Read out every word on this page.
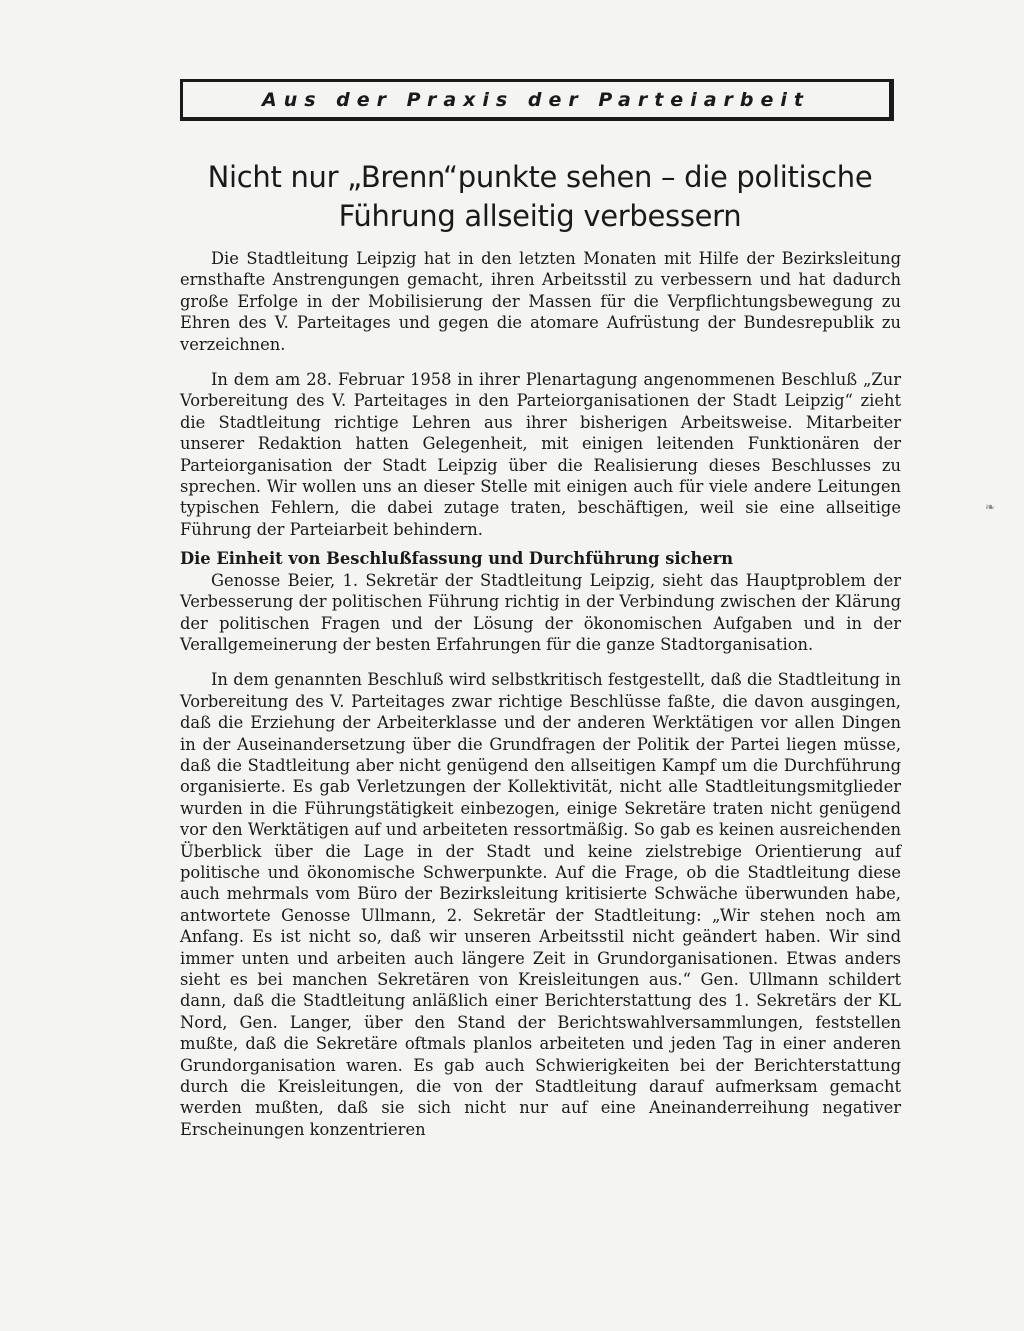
Aus der Praxis der Parteiarbeit
Nicht nur „Brenn“punkte sehen – die politische Führung allseitig verbessern

Die Stadtleitung Leipzig hat in den letzten Monaten mit Hilfe der Bezirksleitung ernsthafte Anstrengungen gemacht, ihren Arbeitsstil zu verbessern und hat dadurch große Erfolge in der Mobilisierung der Massen für die Verpflichtungsbewegung zu Ehren des V. Parteitages und gegen die atomare Aufrüstung der Bundesrepublik zu verzeichnen.

In dem am 28. Februar 1958 in ihrer Plenartagung angenommenen Beschluß „Zur Vorbereitung des V. Parteitages in den Parteiorganisationen der Stadt Leipzig“ zieht die Stadtleitung richtige Lehren aus ihrer bisherigen Arbeitsweise. Mitarbeiter unserer Redaktion hatten Gelegenheit, mit einigen leitenden Funktionären der Parteiorganisation der Stadt Leipzig über die Realisierung dieses Beschlusses zu sprechen. Wir wollen uns an dieser Stelle mit einigen auch für viele andere Leitungen typischen Fehlern, die dabei zutage traten, beschäftigen, weil sie eine allseitige Führung der Parteiarbeit behindern.

Die Einheit von Beschlußfassung und Durchführung sichern

Genosse Beier, 1. Sekretär der Stadtleitung Leipzig, sieht das Hauptproblem der Verbesserung der politischen Führung richtig in der Verbindung zwischen der Klärung der politischen Fragen und der Lösung der ökonomischen Aufgaben und in der Verallgemeinerung der besten Erfahrungen für die ganze Stadtorganisation.

In dem genannten Beschluß wird selbstkritisch festgestellt, daß die Stadtleitung in Vorbereitung des V. Parteitages zwar richtige Beschlüsse faßte, die davon ausgingen, daß die Erziehung der Arbeiterklasse und der anderen Werktätigen vor allen Dingen in der Auseinandersetzung über die Grundfragen der Politik der Partei liegen müsse, daß die Stadtleitung aber nicht genügend den allseitigen Kampf um die Durchführung organisierte. Es gab Verletzungen der Kollektivität, nicht alle Stadtleitungsmitglieder wurden in die Führungstätigkeit einbezogen, einige Sekretäre traten nicht genügend vor den Werktätigen auf und arbeiteten ressortmäßig. So gab es keinen ausreichenden Überblick über die Lage in der Stadt und keine zielstrebige Orientierung auf politische und ökonomische Schwerpunkte. Auf die Frage, ob die Stadtleitung diese auch mehrmals vom Büro der Bezirksleitung kritisierte Schwäche überwunden habe, antwortete Genosse Ullmann, 2. Sekretär der Stadtleitung: „Wir stehen noch am Anfang. Es ist nicht so, daß wir unseren Arbeitsstil nicht geändert haben. Wir sind immer unten und arbeiten auch längere Zeit in Grundorganisationen. Etwas anders sieht es bei manchen Sekretären von Kreisleitungen aus.“ Gen. Ullmann schildert dann, daß die Stadtleitung anläßlich einer Berichterstattung des 1. Sekretärs der KL Nord, Gen. Langer, über den Stand der Berichtswahlversammlungen, feststellen mußte, daß die Sekretäre oftmals planlos arbeiteten und jeden Tag in einer anderen Grundorganisation waren. Es gab auch Schwierigkeiten bei der Berichterstattung durch die Kreisleitungen, die von der Stadtleitung darauf aufmerksam gemacht werden mußten, daß sie sich nicht nur auf eine Aneinanderreihung negativer Erscheinungen konzentrieren

❧
